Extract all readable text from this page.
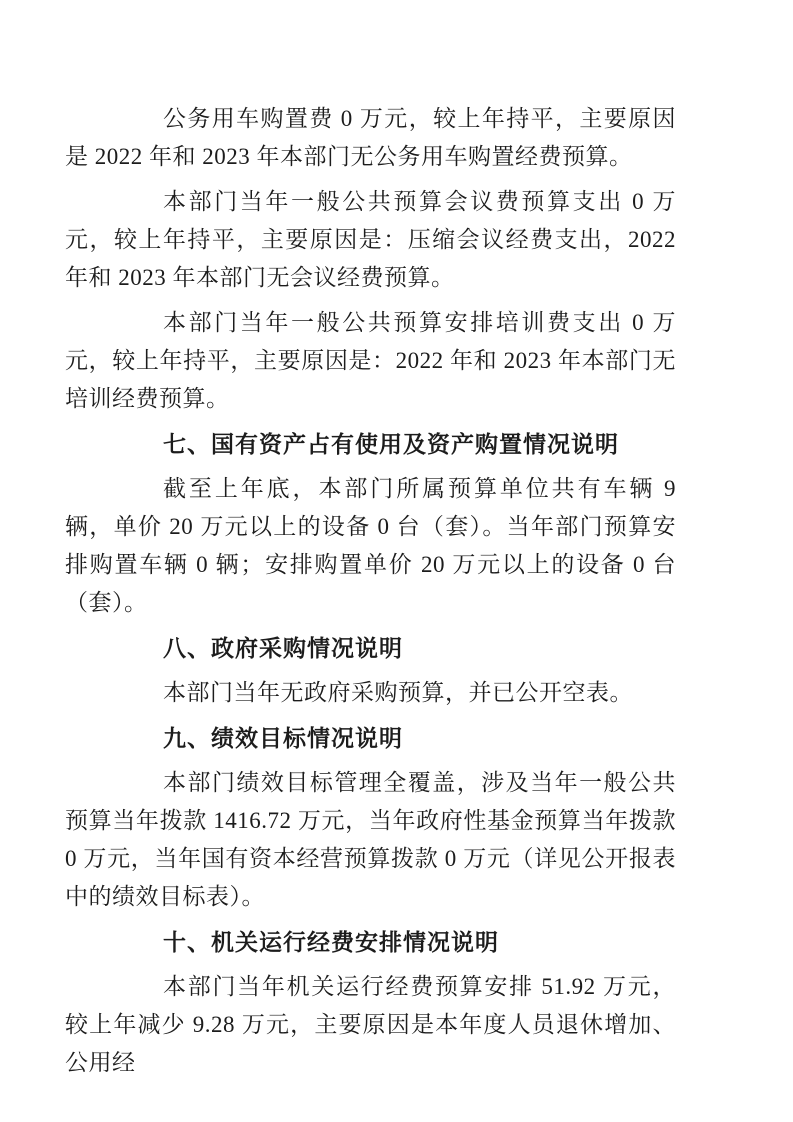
公务用车购置费 0 万元，较上年持平，主要原因是 2022 年和 2023 年本部门无公务用车购置经费预算。
本部门当年一般公共预算会议费预算支出 0 万元，较上年持平，主要原因是：压缩会议经费支出，2022 年和 2023 年本部门无会议经费预算。
本部门当年一般公共预算安排培训费支出 0 万元，较上年持平，主要原因是：2022 年和 2023 年本部门无培训经费预算。
七、国有资产占有使用及资产购置情况说明
截至上年底，本部门所属预算单位共有车辆 9 辆，单价 20 万元以上的设备 0 台（套）。当年部门预算安排购置车辆 0 辆；安排购置单价 20 万元以上的设备 0 台（套）。
八、政府采购情况说明
本部门当年无政府采购预算，并已公开空表。
九、绩效目标情况说明
本部门绩效目标管理全覆盖，涉及当年一般公共预算当年拨款 1416.72 万元，当年政府性基金预算当年拨款 0 万元，当年国有资本经营预算拨款 0 万元（详见公开报表中的绩效目标表）。
十、机关运行经费安排情况说明
本部门当年机关运行经费预算安排 51.92 万元，较上年减少 9.28 万元，主要原因是本年度人员退休增加、公用经
